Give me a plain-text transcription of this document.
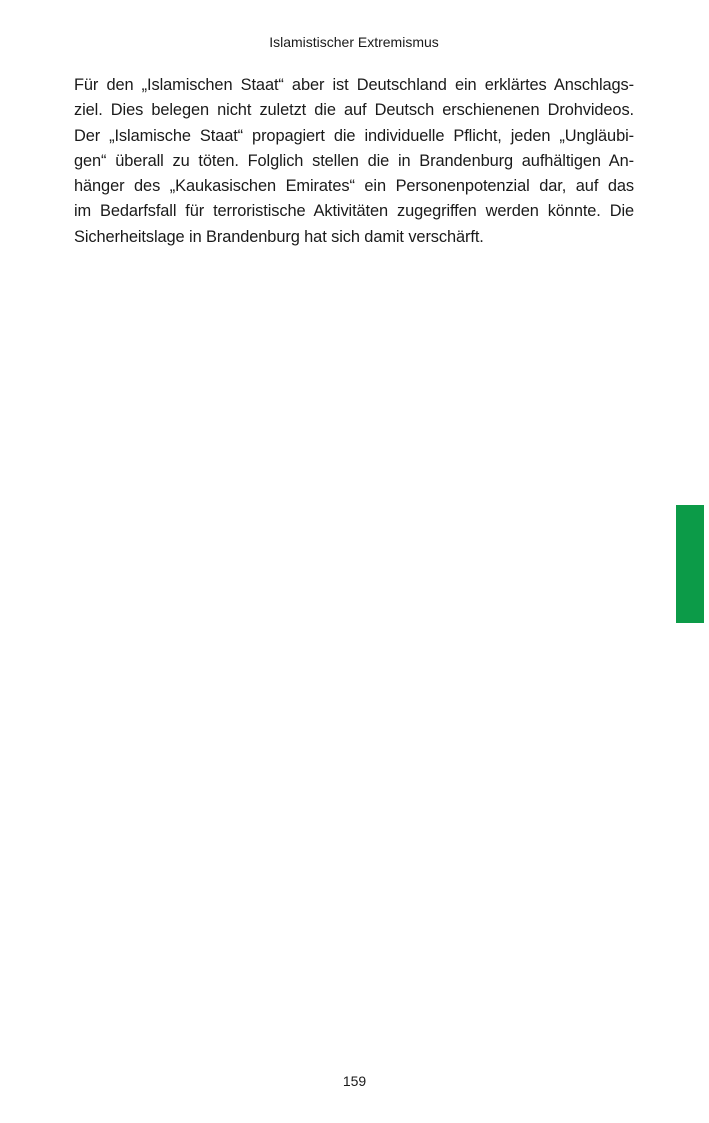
Islamistischer Extremismus
Für den „Islamischen Staat“ aber ist Deutschland ein erklärtes Anschlags-
ziel. Dies belegen nicht zuletzt die auf Deutsch erschienenen Drohvideos.
Der „Islamische Staat“ propagiert die individuelle Pflicht, jeden „Ungläubi-
gen“ überall zu töten. Folglich stellen die in Brandenburg aufhältigen An-
hänger des „Kaukasischen Emirates“ ein Personenpotenzial dar, auf das
im Bedarfsfall für terroristische Aktivitäten zugegriffen werden könnte. Die
Sicherheitslage in Brandenburg hat sich damit verschärft.
159
